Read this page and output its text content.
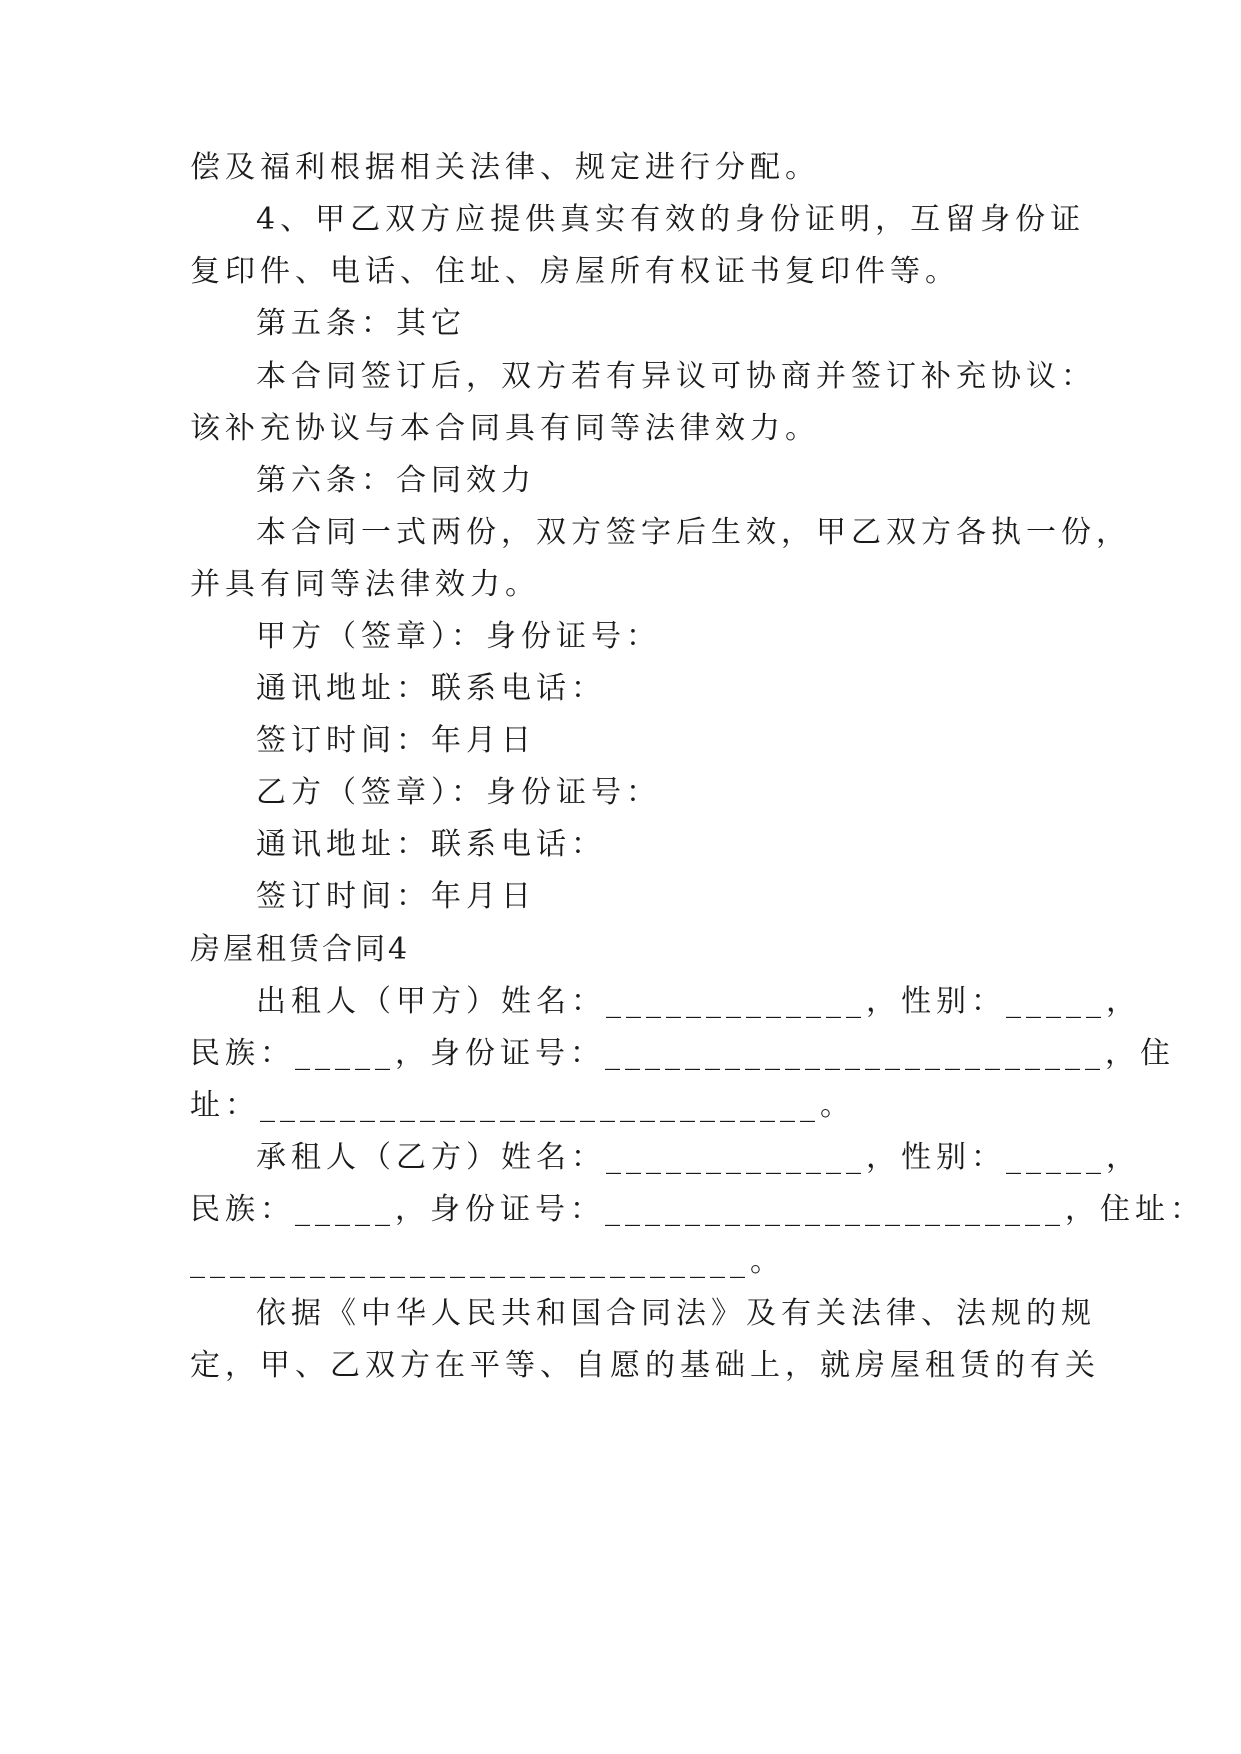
偿及福利根据相关法律、规定进行分配。
4、甲乙双方应提供真实有效的身份证明，互留身份证
复印件、电话、住址、房屋所有权证书复印件等。
第五条：其它
本合同签订后，双方若有异议可协商并签订补充协议：
该补充协议与本合同具有同等法律效力。
第六条：合同效力
本合同一式两份，双方签字后生效，甲乙双方各执一份，
并具有同等法律效力。
甲方（签章）：身份证号：
通讯地址：联系电话：
签订时间：年月日
乙方（签章）：身份证号：
通讯地址：联系电话：
签订时间：年月日
房屋租赁合同4
出租人（甲方）姓名：_____________，性别：_____，
民族：_____，身份证号：_________________________，住
址：____________________________。
承租人（乙方）姓名：_____________，性别：_____，
民族：_____，身份证号：_______________________，住址：
____________________________。
依据《中华人民共和国合同法》及有关法律、法规的规
定，甲、乙双方在平等、自愿的基础上，就房屋租赁的有关
